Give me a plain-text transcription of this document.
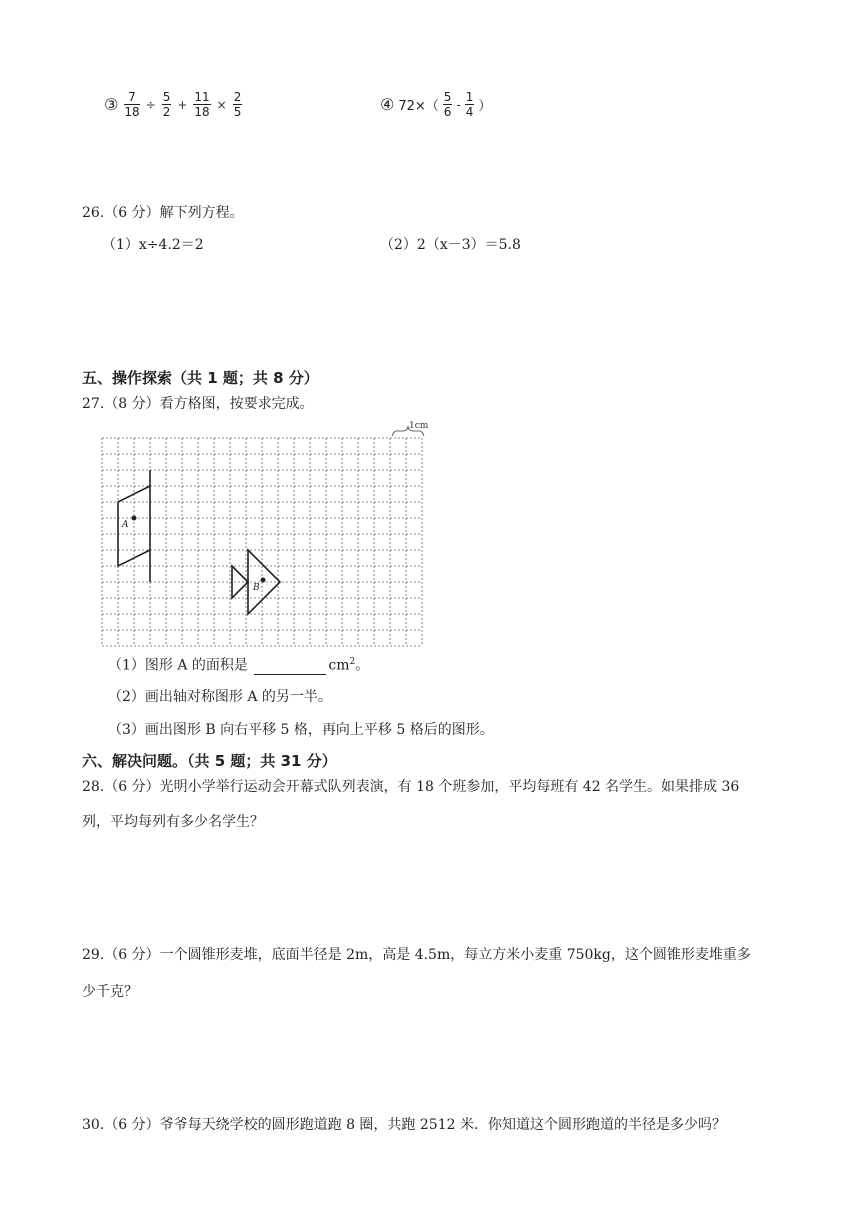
③ $\frac{7}{18} \div \frac{5}{2} + \frac{11}{18} \times \frac{2}{5}$	④ $72\times( \frac{5}{6} - \frac{1}{4}$ ）
26.（6 分）解下列方程。
（1）x÷4.2＝2	（2）2（x－3）＝5.8
五、操作探索（共 1 题；共 8 分）
27.（8 分）看方格图，按要求完成。
1cm
A
B
（1）图形 A 的面积是	$cm^2$。
（2）画出轴对称图形 A 的另一半。
（3）画出图形 B 向右平移 5 格，再向上平移 5 格后的图形。
六、解决问题。（共 5 题；共 31 分）
28.（6 分）光明小学举行运动会开幕式队列表演，有 18 个班参加，平均每班有 42 名学生。如果排成 36
列，平均每列有多少名学生？
29.（6 分）一个圆锥形麦堆，底面半径是 2m，高是 4.5m，每立方米小麦重 750kg，这个圆锥形麦堆重多
少千克？
30.（6 分）爷爷每天绕学校的圆形跑道跑 8 圈，共跑 2512 米．你知道这个圆形跑道的半径是多少吗？
